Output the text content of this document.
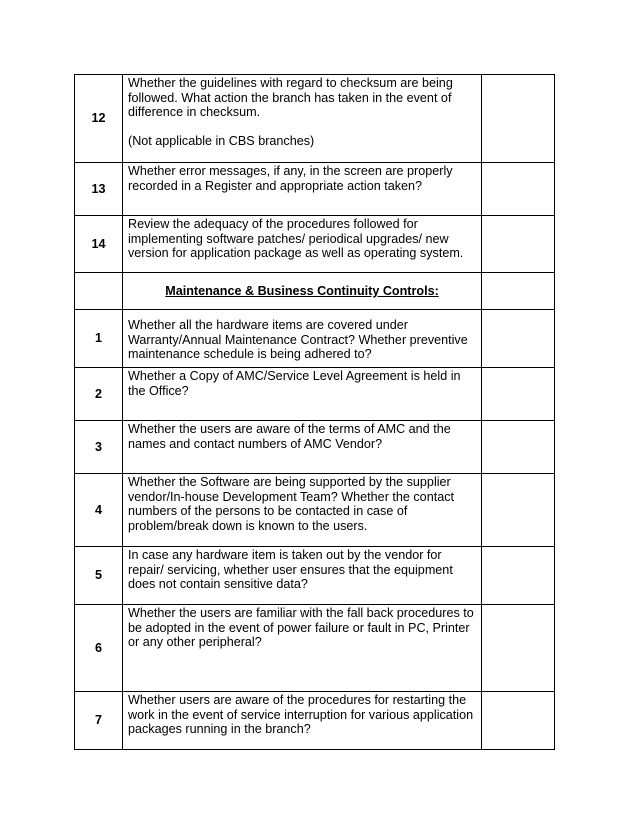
12	Whether the guidelines with regard to checksum are being followed. What action the branch has taken in the event of difference in checksum.

(Not applicable in CBS branches)	

13	Whether error messages, if any, in the screen are properly recorded in a Register and appropriate action taken?	

14	Review the adequacy of the procedures followed for implementing software patches/ periodical upgrades/ new version for application package as well as operating system.	

	Maintenance & Business Continuity Controls:	
1	Whether all the hardware items are covered under Warranty/Annual Maintenance Contract? Whether preventive maintenance schedule is being adhered to?	

2	Whether a Copy of AMC/Service Level Agreement is held in the Office?	

3	Whether the users are aware of the terms of AMC and the names and contact numbers of AMC Vendor?	

4	Whether the Software are being supported by the supplier vendor/In-house Development Team? Whether the contact numbers of the persons to be contacted in case of problem/break down is known to the users.	

5	In case any hardware item is taken out by the vendor for repair/ servicing, whether user ensures that the equipment does not contain sensitive data?	

6	Whether the users are familiar with the fall back procedures to be adopted in the event of power failure or fault in PC, Printer or any other peripheral?	

7	Whether users are aware of the procedures for restarting the work in the event of service interruption for various application packages running in the branch?	
